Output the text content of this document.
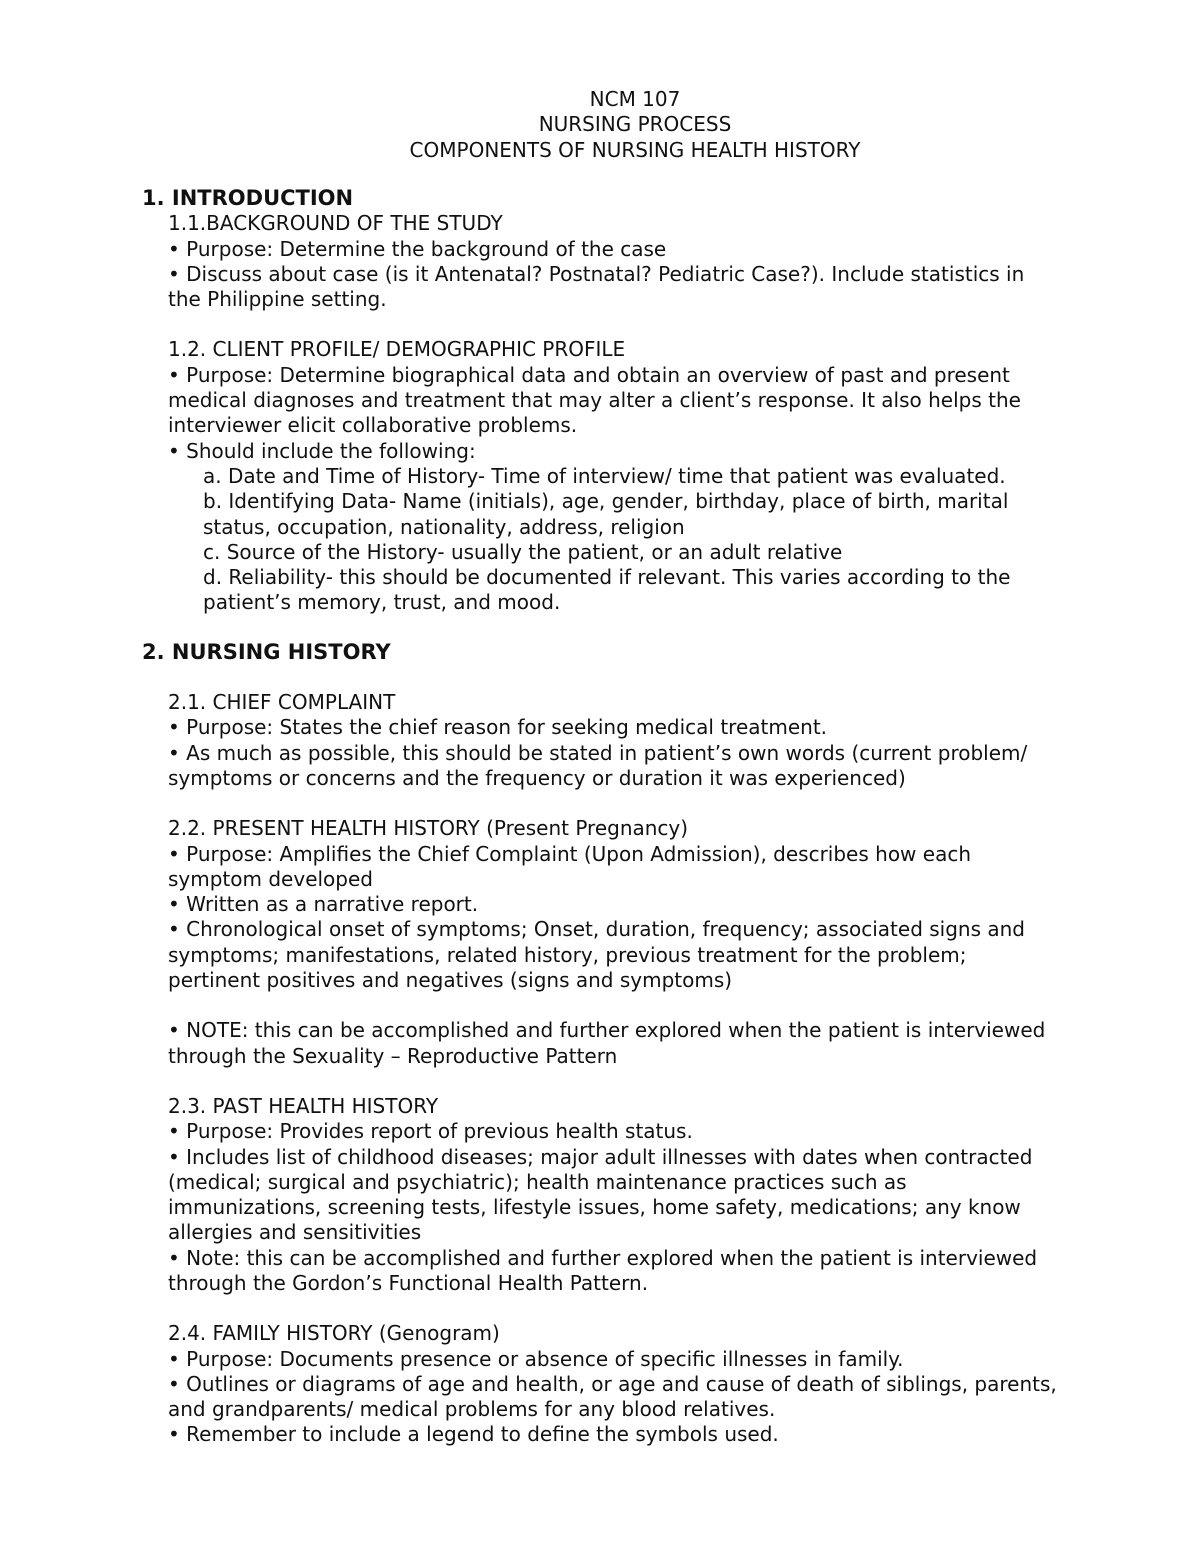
NCM 107
NURSING PROCESS
COMPONENTS OF NURSING HEALTH HISTORY
1. INTRODUCTION
1.1.BACKGROUND OF THE STUDY
• Purpose: Determine the background of the case
• Discuss about case (is it Antenatal? Postnatal? Pediatric Case?). Include statistics in
the Philippine setting.
1.2. CLIENT PROFILE/ DEMOGRAPHIC PROFILE
• Purpose: Determine biographical data and obtain an overview of past and present
medical diagnoses and treatment that may alter a client’s response. It also helps the
interviewer elicit collaborative problems.
• Should include the following:
a. Date and Time of History- Time of interview/ time that patient was evaluated.
b. Identifying Data- Name (initials), age, gender, birthday, place of birth, marital
status, occupation, nationality, address, religion
c. Source of the History- usually the patient, or an adult relative
d. Reliability- this should be documented if relevant. This varies according to the
patient’s memory, trust, and mood.
2. NURSING HISTORY
2.1. CHIEF COMPLAINT
• Purpose: States the chief reason for seeking medical treatment.
• As much as possible, this should be stated in patient’s own words (current problem/
symptoms or concerns and the frequency or duration it was experienced)
2.2. PRESENT HEALTH HISTORY (Present Pregnancy)
• Purpose: Amplifies the Chief Complaint (Upon Admission), describes how each
symptom developed
• Written as a narrative report.
• Chronological onset of symptoms; Onset, duration, frequency; associated signs and
symptoms; manifestations, related history, previous treatment for the problem;
pertinent positives and negatives (signs and symptoms)
• NOTE: this can be accomplished and further explored when the patient is interviewed
through the Sexuality – Reproductive Pattern
2.3. PAST HEALTH HISTORY
• Purpose: Provides report of previous health status.
• Includes list of childhood diseases; major adult illnesses with dates when contracted
(medical; surgical and psychiatric); health maintenance practices such as
immunizations, screening tests, lifestyle issues, home safety, medications; any know
allergies and sensitivities
• Note: this can be accomplished and further explored when the patient is interviewed
through the Gordon’s Functional Health Pattern.
2.4. FAMILY HISTORY (Genogram)
• Purpose: Documents presence or absence of specific illnesses in family.
• Outlines or diagrams of age and health, or age and cause of death of siblings, parents,
and grandparents/ medical problems for any blood relatives.
• Remember to include a legend to define the symbols used.
